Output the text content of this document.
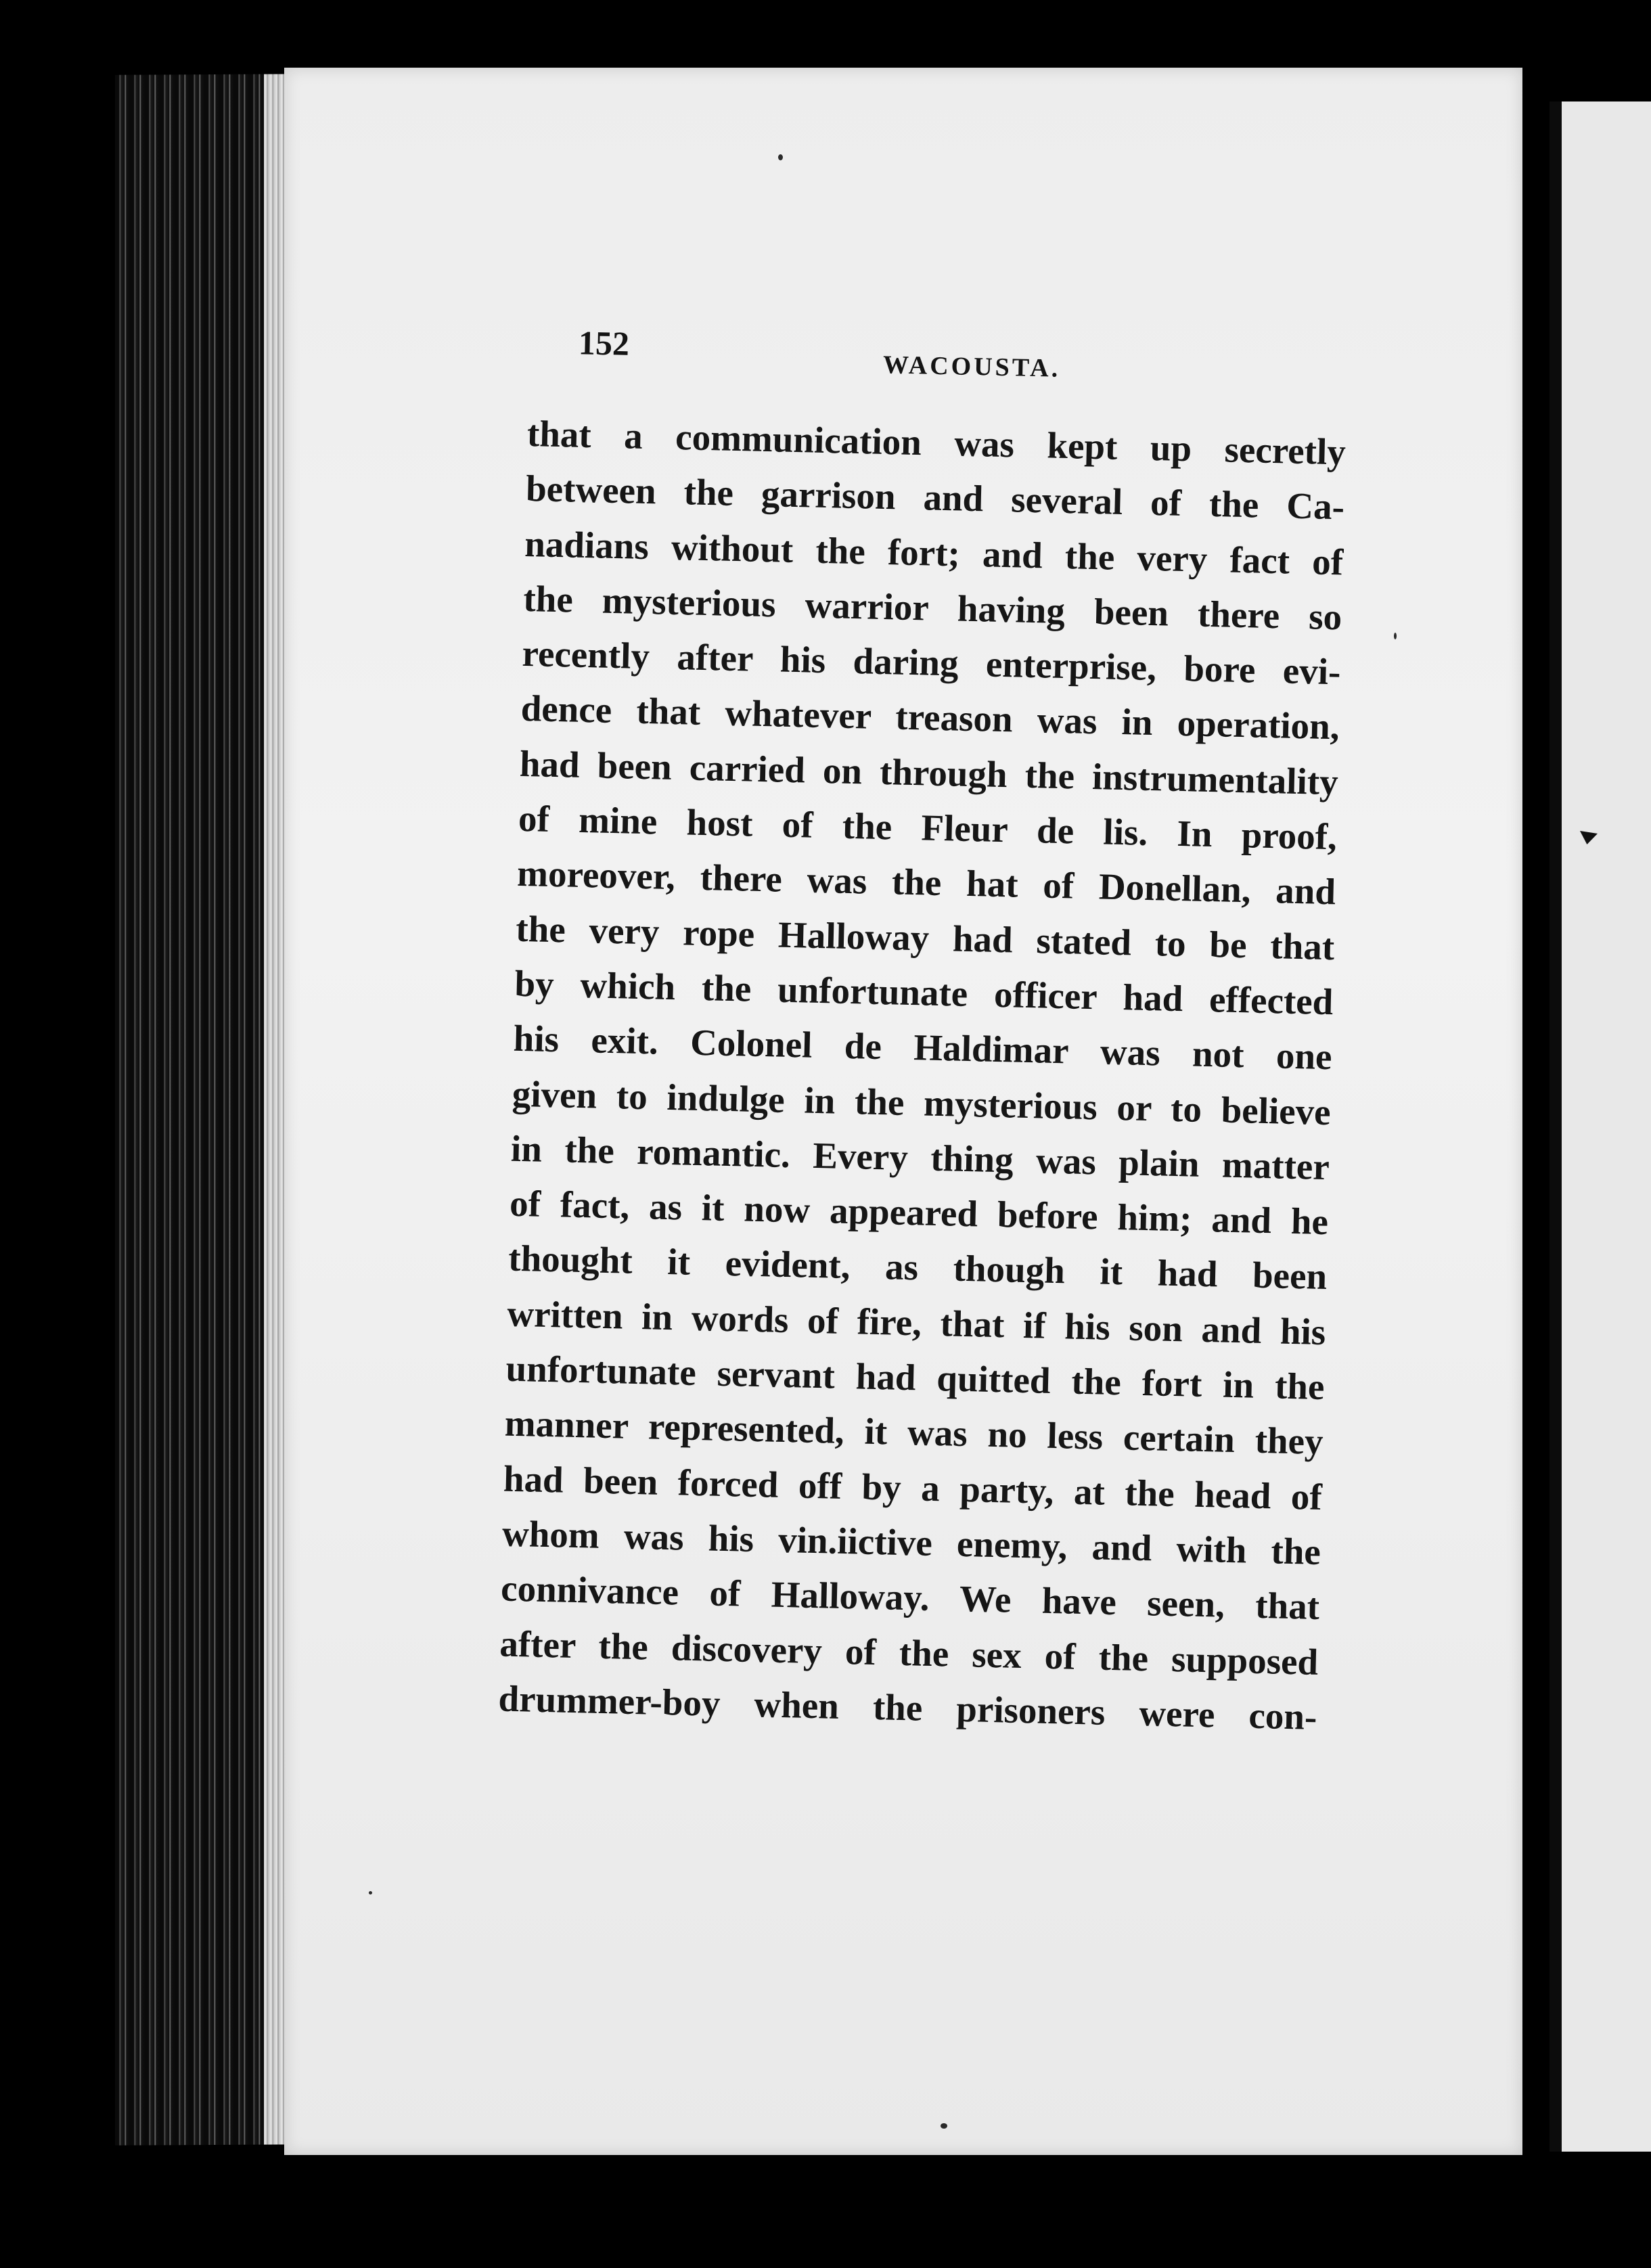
152
WACOUSTA.
that a communication was kept up secretly
between the garrison and several of the Ca-
nadians without the fort; and the very fact of
the mysterious warrior having been there so
recently after his daring enterprise, bore evi-
dence that whatever treason was in operation,
had been carried on through the instrumentality
of mine host of the Fleur de lis. In proof,
moreover, there was the hat of Donellan, and
the very rope Halloway had stated to be that
by which the unfortunate officer had effected
his exit. Colonel de Haldimar was not one
given to indulge in the mysterious or to believe
in the romantic. Every thing was plain matter
of fact, as it now appeared before him; and he
thought it evident, as though it had been
written in words of fire, that if his son and his
unfortunate servant had quitted the fort in the
manner represented, it was no less certain they
had been forced off by a party, at the head of
whom was his vin.iictive enemy, and with the
connivance of Halloway. We have seen, that
after the discovery of the sex of the supposed
drummer-boy when the prisoners were con-
